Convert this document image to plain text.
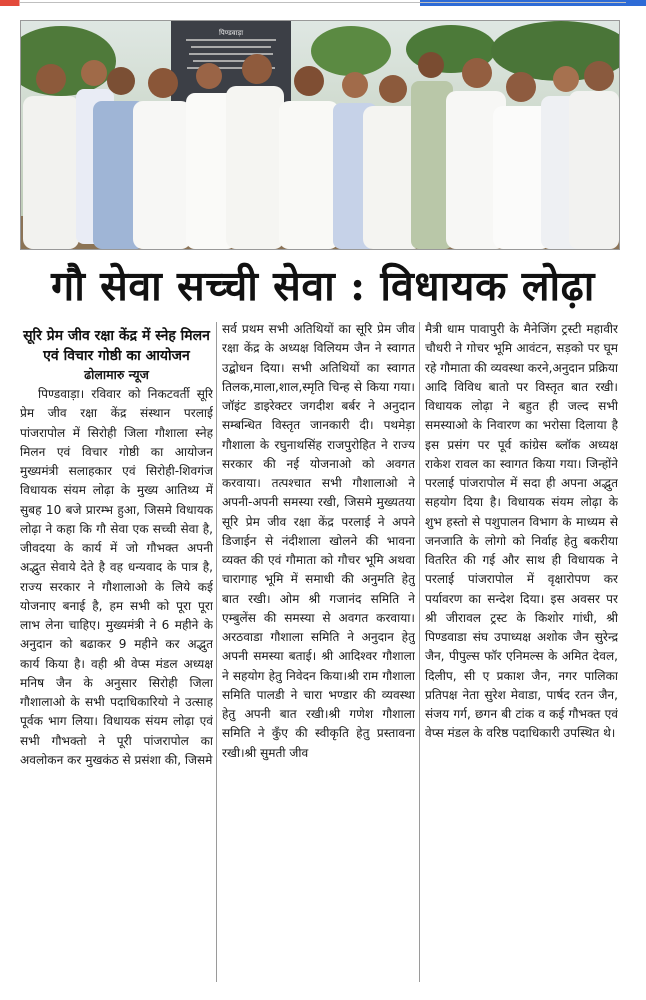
पिण्डवाड़ा
गौ सेवा सच्ची सेवा : विधायक लोढ़ा
सूरि प्रेम जीव रक्षा केंद्र में स्नेह मिलन एवं विचार गोष्ठी का आयोजन
ढोलामारु न्यूज
पिण्डवाड़ा। रविवार को निकटवर्ती सूरि प्रेम जीव रक्षा केंद्र संस्थान परलाई पांजरापोल में सिरोही जिला गौशाला स्नेह मिलन एवं विचार गोष्ठी का आयोजन मुख्यमंत्री सलाहकार एवं सिरोही-शिवगंज विधायक संयम लोढ़ा के मुख्य आतिथ्य में सुबह 10 बजे प्रारम्भ हुआ, जिसमे विधायक लोढ़ा ने कहा कि गौ सेवा एक सच्ची सेवा है, जीवदया के कार्य में जो गौभक्त अपनी अद्भुत सेवाये देते है वह धन्यवाद के पात्र है, राज्य सरकार ने गौशालाओ के लिये कई योजनाए बनाई है, हम सभी को पूरा पूरा लाभ लेना चाहिए। मुख्यमंत्री ने 6 महीने के अनुदान को बढाकर 9 महीने कर अद्भुत कार्य किया है। वही श्री वेप्स मंडल अध्यक्ष मनिष जैन के अनुसार सिरोही जिला गौशालाओ के सभी पदाधिकारियो ने उत्साह पूर्वक भाग लिया। विधायक संयम लोढ़ा एवं सभी गौभक्तो ने पूरी पांजरापोल का अवलोकन कर मुखकंठ से प्रसंशा की, जिसमे
सर्व प्रथम सभी अतिथियों का सूरि प्रेम जीव रक्षा केंद्र के अध्यक्ष विलियम जैन ने स्वागत उद्बोधन दिया। सभी अतिथियों का स्वागत तिलक,माला,शाल,स्मृति चिन्ह से किया गया।जॉइंट डाइरेक्टर जगदीश बर्बर ने अनुदान सम्बन्धित विस्तृत जानकारी दी। पथमेड़ा गौशाला के रघुनाथसिंह राजपुरोहित ने राज्य सरकार की नई योजनाओ को अवगत करवाया। तत्पश्चात सभी गौशालाओ ने अपनी-अपनी समस्या रखी, जिसमे मुख्यतया सूरि प्रेम जीव रक्षा केंद्र परलाई ने अपने डिजाईन से नंदीशाला खोलने की भावना व्यक्त की एवं गौमाता को गौचर भूमि अथवा चारागाह भूमि में समाधी की अनुमति हेतु बात रखी। ओम श्री गजानंद समिति ने एम्बुलेंस की समस्या से अवगत करवाया। अरठवाडा गौशाला समिति ने अनुदान हेतु अपनी समस्या बताई। श्री आदिश्वर गौशाला ने सहयोग हेतु निवेदन किया।श्री राम गौशाला समिति पालडी ने चारा भण्डार की व्यवस्था हेतु अपनी बात रखी।श्री गणेश गौशाला समिति ने कुँए की स्वीकृति हेतु प्रस्तावना रखी।श्री सुमती जीव
मैत्री धाम पावापुरी के मैनेजिंग ट्रस्टी महावीर चौधरी ने गोचर भूमि आवंटन, सड़को पर घूम रहे गौमाता की व्यवस्था करने,अनुदान प्रक्रिया आदि विविध बातो पर विस्तृत बात रखी। विधायक लोढ़ा ने बहुत ही जल्द सभी समस्याओ के निवारण का भरोसा दिलाया है इस प्रसंग पर पूर्व कांग्रेस ब्लॉक अध्यक्ष राकेश रावल का स्वागत किया गया। जिन्होंने परलाई पांजरापोल में सदा ही अपना अद्भुत सहयोग दिया है। विधायक संयम लोढ़ा के शुभ हस्तो से पशुपालन विभाग के माध्यम से जनजाति के लोगो को निर्वाह हेतु बकरीया वितरित की गई और साथ ही विधायक ने परलाई पांजरापोल में वृक्षारोपण कर पर्यावरण का सन्देश दिया। इस अवसर पर श्री जीरावल ट्रस्ट के किशोर गांधी, श्री पिण्डवाडा संघ उपाध्यक्ष अशोक जैन सुरेन्द्र जैन, पीपुल्स फॉर एनिमल्स के अमित देवल, दिलीप, सी ए प्रकाश जैन, नगर पालिका प्रतिपक्ष नेता सुरेश मेवाडा, पार्षद रतन जैन, संजय गर्ग, छगन बी टांक व कई गौभक्त एवं वेप्स मंडल के वरिष्ठ पदाधिकारी उपस्थित थे।
